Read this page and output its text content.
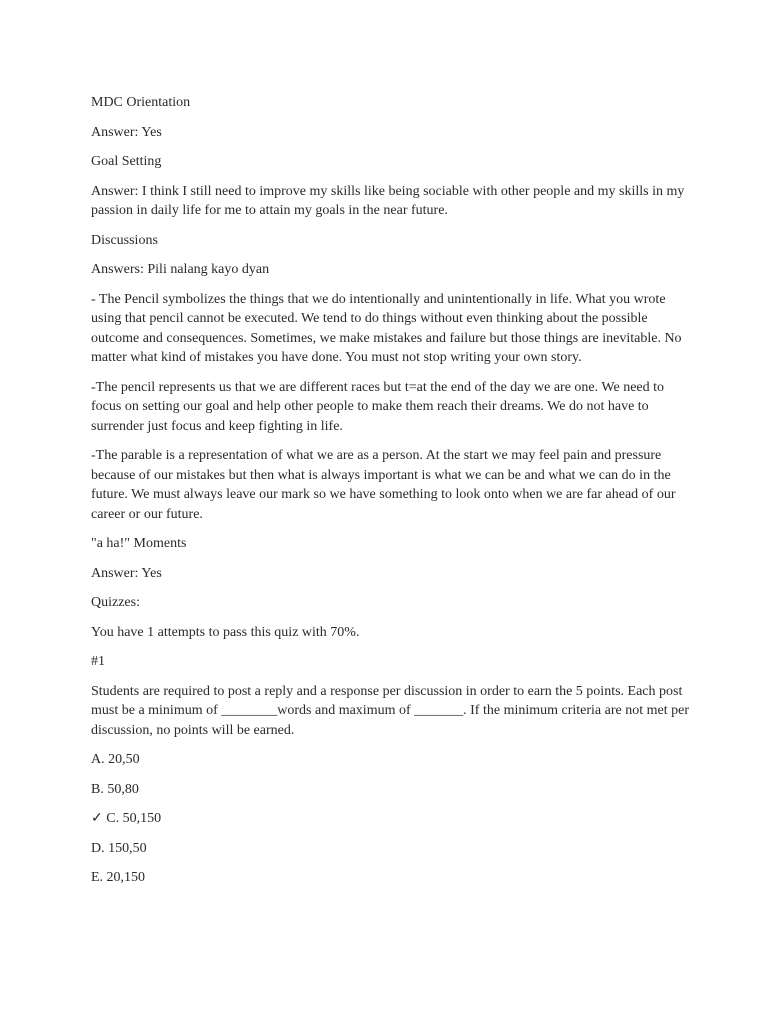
MDC Orientation

Answer: Yes

Goal Setting

Answer: I think I still need to improve my skills like being sociable with other people and my skills in my passion in daily life for me to attain my goals in the near future.

Discussions

Answers: Pili nalang kayo dyan

- The Pencil symbolizes the things that we do intentionally and unintentionally in life. What you wrote using that pencil cannot be executed. We tend to do things without even thinking about the possible outcome and consequences. Sometimes, we make mistakes and failure but those things are inevitable. No matter what kind of mistakes you have done. You must not stop writing your own story.

-The pencil represents us that we are different races but t=at the end of the day we are one. We need to focus on setting our goal and help other people to make them reach their dreams. We do not have to surrender just focus and keep fighting in life.

-The parable is a representation of what we are as a person. At the start we may feel pain and pressure because of our mistakes but then what is always important is what we can be and what we can do in the future. We must always leave our mark so we have something to look onto when we are far ahead of our career or our future.

"a ha!" Moments

Answer: Yes

Quizzes:

You have 1 attempts to pass this quiz with 70%.

#1

Students are required to post a reply and a response per discussion in order to earn the 5 points. Each post must be a minimum of ________words and maximum of _______. If the minimum criteria are not met per discussion, no points will be earned.

A. 20,50

B. 50,80

✓ C. 50,150

D. 150,50

E. 20,150
